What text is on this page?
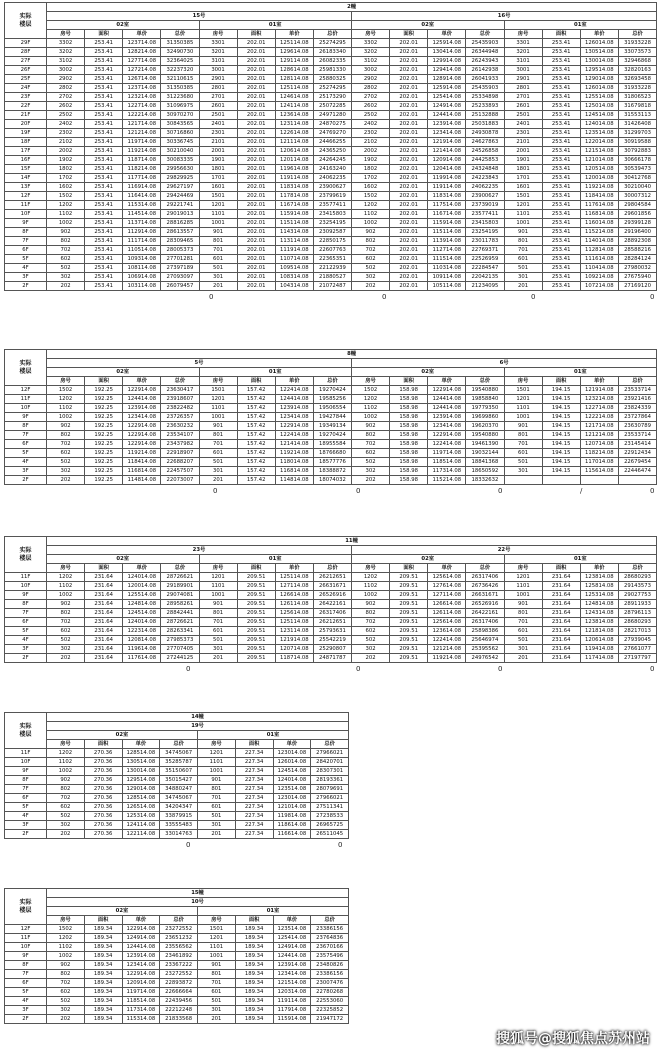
实际
楼层	2幢															
	15号								16号							
	02室				01室				02室				01室			
	房号	面积	单价	总价	房号	面积	单价	总价	房号	面积	单价	总价	房号	面积	单价	总价
29F	3302	253.41	123714.08	31350385	3301	202.01	125114.08	25274295	3302	202.01	125914.08	25435903	3301	253.41	126014.08	31933228
28F	3202	253.41	128214.08	32490730	3201	202.01	129614.08	26183340	3202	202.01	130414.08	26344948	3201	253.41	130514.08	33073573
27F	3102	253.41	127714.08	32364025	3101	202.01	129114.08	26082335	3102	202.01	129914.08	26243943	3101	253.41	130014.08	32946868
26F	3002	253.41	127214.08	32237320	3001	202.01	128614.08	25981330	3002	202.01	129414.08	26142938	3001	253.41	129514.08	32820163
25F	2902	253.41	126714.08	32110615	2901	202.01	128114.08	25880325	2902	202.01	128914.08	26041933	2901	253.41	129014.08	32693458
24F	2802	253.41	123714.08	31350385	2801	202.01	125114.08	25274295	2802	202.01	125914.08	25435903	2801	253.41	126014.08	31933228
23F	2702	253.41	123214.08	31223680	2701	202.01	124614.08	25173290	2702	202.01	125414.08	25334898	2701	253.41	125514.08	31806523
22F	2602	253.41	122714.08	31096975	2601	202.01	124114.08	25072285	2602	202.01	124914.08	25233893	2601	253.41	125014.08	31679818
21F	2502	253.41	122214.08	30970270	2501	202.01	123614.08	24971280	2502	202.01	124414.08	25132888	2501	253.41	124514.08	31553113
20F	2402	253.41	121714.08	30843565	2401	202.01	123114.08	24870275	2402	202.01	123914.08	25031883	2401	253.41	124014.08	31426408
19F	2302	253.41	121214.08	30716860	2301	202.01	122614.08	24769270	2302	202.01	123414.08	24930878	2301	253.41	123514.08	31299703
18F	2102	253.41	119714.08	30336745	2101	202.01	121114.08	24466255	2102	202.01	121914.08	24627863	2101	253.41	122014.08	30919588
17F	2002	253.41	119214.08	30210040	2001	202.01	120614.08	24365250	2002	202.01	121414.08	24526858	2001	253.41	121514.08	30792883
16F	1902	253.41	118714.08	30083335	1901	202.01	120114.08	24264245	1902	202.01	120914.08	24425853	1901	253.41	121014.08	30666178
15F	1802	253.41	118214.08	29956630	1801	202.01	119614.08	24163240	1802	202.01	120414.08	24324848	1801	253.41	120514.08	30539473
14F	1702	253.41	117714.08	29829925	1701	202.01	119114.08	24062235	1702	202.01	119914.08	24223843	1701	253.41	120014.08	30412768
13F	1602	253.41	116914.08	29627197	1601	202.01	118314.08	23900627	1602	202.01	119114.08	24062235	1601	253.41	119214.08	30210040
12F	1502	253.41	116414.08	29424469	1501	202.01	117814.08	23799619	1502	202.01	118314.08	23900627	1501	253.41	118414.08	30007312
11F	1202	253.41	115314.08	29221741	1201	202.01	116714.08	23577411	1202	202.01	117514.08	23739019	1201	253.41	117614.08	29804584
10F	1102	253.41	114514.08	29019013	1101	202.01	115914.08	23415803	1102	202.01	116714.08	23577411	1101	253.41	116814.08	29601856
9F	1002	253.41	113714.08	28816285	1001	202.01	115114.08	23254195	1002	202.01	115914.08	23415803	1001	253.41	116014.08	29399128
8F	902	253.41	112914.08	28613557	901	202.01	114314.08	23092587	902	202.01	115114.08	23254195	901	253.41	115214.08	29196400
7F	802	253.41	111714.08	28309465	801	202.01	113114.08	22850175	802	202.01	113914.08	23011783	801	253.41	114014.08	28892308
6F	702	253.41	110514.08	28005373	701	202.01	111914.08	22607763	702	202.01	112714.08	22769371	701	253.41	112814.08	28588216
5F	602	253.41	109314.08	27701281	601	202.01	110714.08	22365351	602	202.01	111514.08	22526959	601	253.41	111614.08	28284124
4F	502	253.41	108114.08	27397189	501	202.01	109514.08	22122939	502	202.01	110314.08	22284547	501	253.41	110414.08	27980032
3F	302	253.41	106914.08	27093097	301	202.01	108314.08	21880527	302	202.01	109114.08	22042135	301	253.41	109214.08	27675940
2F	202	253.41	103114.08	26079457	201	202.01	104314.08	21072487	202	202.01	105114.08	21234095	201	253.41	107214.08	27169120
0	0	0	0
实际
楼层	8幢															
	5号								6号							
	02室				01室				02室				01室			
	房号	面积	单价	总价	房号	面积	单价	总价	房号	面积	单价	总价	房号	面积	单价	总价
12F	1502	192.25	122914.08	23630417	1501	157.42	122414.08	19270424	1502	158.98	122914.08	19540880	1501	194.15	121914.08	23533714
11F	1202	192.25	124414.08	23918607	1201	157.42	124414.08	19585256	1202	158.98	124414.08	19858840	1201	194.15	123214.08	23921416
10F	1102	192.25	123914.08	23822482	1101	157.42	123914.08	19506554	1102	158.98	124414.08	19779350	1101	194.15	122714.08	23824339
9F	1002	192.25	123414.08	23726357	1001	157.42	123414.08	19427844	1002	158.98	123914.08	19699860	1001	194.15	122214.08	23727864
8F	902	192.25	122914.08	23630232	901	157.42	122914.08	19349134	902	158.98	123414.08	19620370	901	194.15	121714.08	23630789
7F	802	192.25	122914.08	23534107	801	157.42	122414.08	19270424	802	158.98	122914.08	19540880	801	194.15	121214.08	23533714
6F	702	192.25	122914.08	23437982	701	157.42	121414.08	18955584	702	158.98	122414.08	19461390	701	194.15	120714.08	23145414
5F	602	192.25	119214.08	22918907	601	157.42	119214.08	18766680	602	158.98	119714.08	19032144	601	194.15	118214.08	22912434
4F	502	192.25	118414.08	22688207	501	157.42	118014.08	18577776	502	158.98	118514.08	18841368	501	194.15	117014.08	22679454
3F	302	192.25	116814.08	22457507	301	157.42	116814.08	18388872	302	158.98	117314.08	18650592	301	194.15	115614.08	22446474
2F	202	192.25	114814.08	22073007	201	157.42	114814.08	18074032	202	158.98	115214.08	18332632				
0	0	0	/	0
实际
楼层	11幢															
	23号								22号							
	02室				01室				02室				01室			
	房号	面积	单价	总价	房号	面积	单价	总价	房号	面积	单价	总价	房号	面积	单价	总价
11F	1202	231.64	124014.08	28726621	1201	209.51	125114.08	26212651	1202	209.51	125614.08	26317406	1201	231.64	123814.08	28680293
10F	1102	231.64	120014.08	29189901	1101	209.51	127114.08	26631671	1102	209.51	127614.08	26736426	1101	231.64	125814.08	29143573
9F	1002	231.64	125514.08	29074081	1001	209.51	126614.08	26526916	1002	209.51	127114.08	26631671	1001	231.64	125314.08	29027753
8F	902	231.64	124814.08	28958261	901	209.51	126114.08	26422161	902	209.51	126614.08	26526916	901	231.64	124814.08	28911933
7F	802	231.64	124514.08	28842441	801	209.51	125614.08	26317406	802	209.51	126114.08	26422161	801	231.64	124314.08	28796113
6F	702	231.64	124014.08	28726621	701	209.51	125114.08	26212651	702	209.51	125614.08	26317406	701	231.64	123814.08	28680293
5F	602	231.64	122314.08	28263341	601	209.51	123114.08	25793631	602	209.51	123614.08	25898386	601	231.64	121814.08	28217013
4F	502	231.64	120814.08	27985373	501	209.51	121914.08	25542219	502	209.51	122414.08	25646974	501	231.64	120614.08	27939045
3F	302	231.64	119614.08	27707405	301	209.51	120714.08	25290807	302	209.51	121214.08	25395562	301	231.64	119414.08	27661077
2F	202	231.64	117614.08	27244125	201	209.51	118714.08	24871787	202	209.51	119214.08	24976542	201	231.64	117414.08	27197797
0	0	0	0
实际
楼层	14幢							
	19号							
	02室				01室			
	房号	面积	单价	总价	房号	面积	单价	总价
11F	1202	270.36	128514.08	34745067	1201	227.34	123014.08	27966021
10F	1102	270.36	130514.08	35285787	1101	227.34	126014.08	28420701
9F	1002	270.36	130014.08	35150607	1001	227.34	124514.08	28307301
8F	902	270.36	129514.08	35015427	901	227.34	124014.08	28193361
7F	802	270.36	129014.08	34880247	801	227.34	123514.08	28079691
6F	702	270.36	128514.08	34745067	701	227.34	123014.08	27966021
5F	602	270.36	126514.08	34204347	601	227.34	121014.08	27511341
4F	502	270.36	125314.08	33879915	501	227.34	119814.08	27238533
3F	302	270.36	124114.08	33555483	301	227.34	118614.08	26965725
2F	202	270.36	122114.08	33014763	201	227.34	116614.08	26511045
0	0
实际
楼层	15幢							
	10号							
	02室				01室			
	房号	面积	单价	总价	房号	面积	单价	总价
12F	1502	189.34	122914.08	23272552	1501	189.34	123514.08	23386156
11F	1202	189.34	124914.08	23651232	1201	189.34	125414.08	23764836
10F	1102	189.34	124414.08	23556562	1101	189.34	124914.08	23670166
9F	1002	189.34	123914.08	23461892	1001	189.34	124414.08	23575496
8F	902	189.34	123414.08	23367222	901	189.34	123914.08	23480826
7F	802	189.34	122914.08	23272552	801	189.34	123414.08	23386156
6F	702	189.34	120914.08	22893872	701	189.34	121514.08	23007476
5F	602	189.34	119714.08	22666664	601	189.34	120314.08	22780268
4F	502	189.34	118514.08	22439456	501	189.34	119114.08	22553060
3F	302	189.34	117314.08	22212248	301	189.34	117914.08	22325852
2F	202	189.34	115314.08	21833568	201	189.34	115914.08	21947172
搜狐号@搜狐焦点苏州站
